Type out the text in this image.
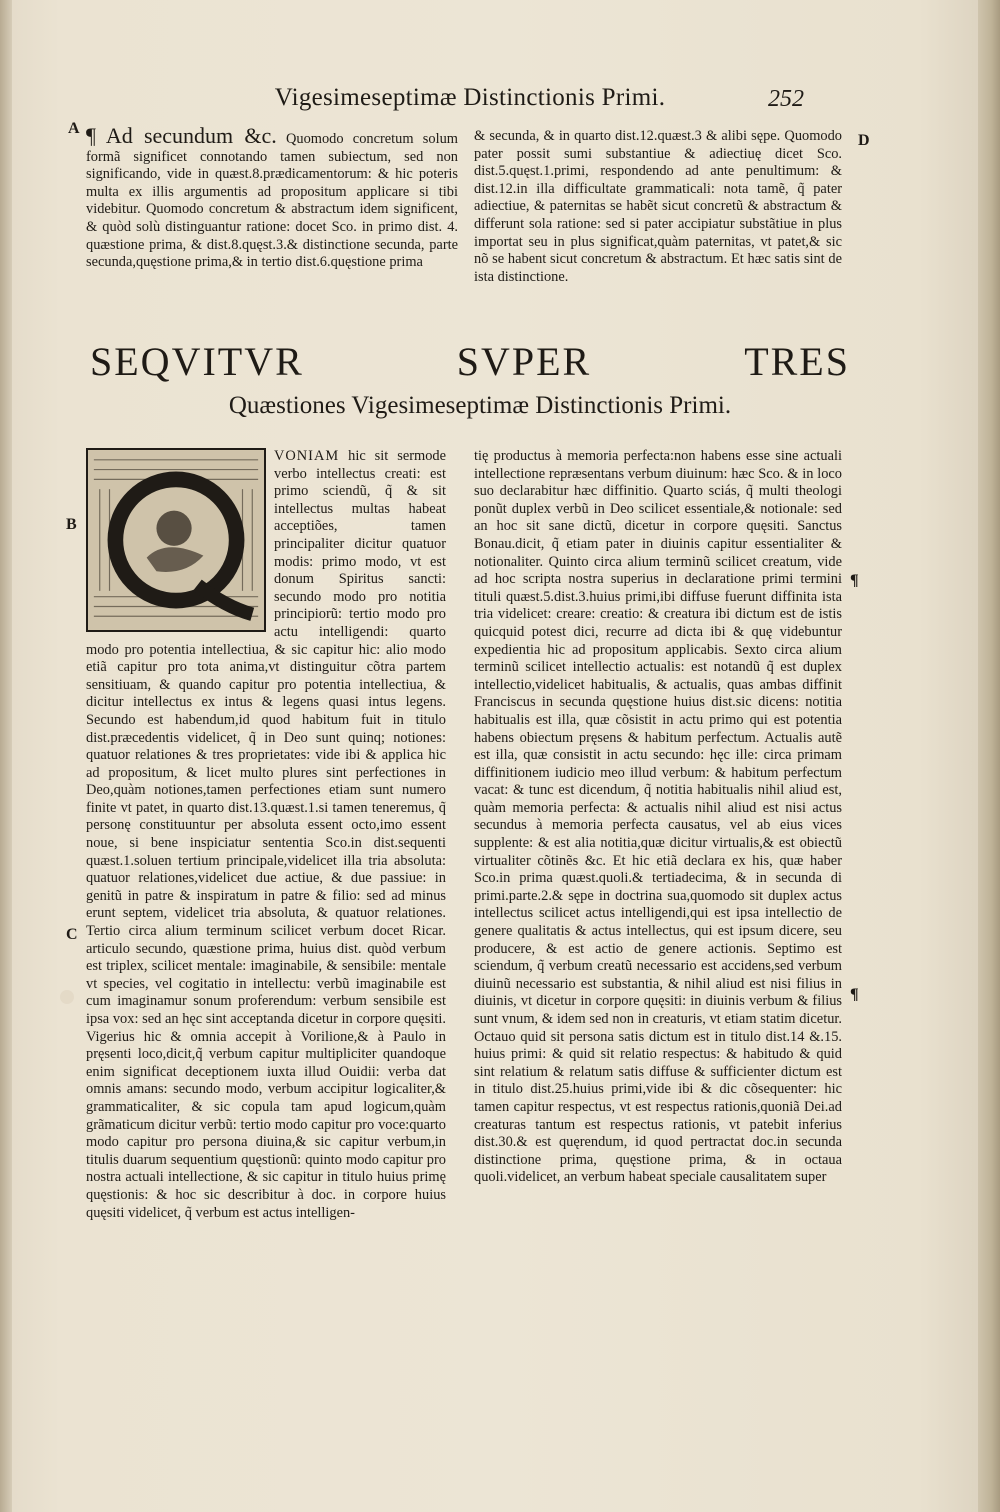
Vigesimeseptimæ Distinctionis Primi.	252
A
D
B
C
¶
¶
¶ Ad secundum &c. Quomodo concretum solum formã significet connotando tamen subiectum, sed non significando, vide in quæst.8.prædicamentorum: & hic poteris multa ex illis argumentis ad propositum applicare si tibi videbitur. Quomodo concretum & abstractum idem significent, & quòd solù distinguantur ratione: docet Sco. in primo dist. 4. quæstione prima, & dist.8.quęst.3.& distinctione secunda, parte secunda,quęstione prima,& in tertio dist.6.quęstione prima

& secunda, & in quarto dist.12.quæst.3 & alibi sępe. Quomodo pater possit sumi substantiue & adiectiuę dicet Sco. dist.5.quęst.1.primi, respondendo ad ante penultimum: & dist.12.in illa difficultate grammaticali: nota tamẽ, q̃ pater adiectiue, & paternitas se habẽt sicut concretũ & abstractum & differunt sola ratione: sed si pater accipiatur substãtiue in plus importat seu in plus significat,quàm paternitas, vt patet,& sic nõ se habent sicut concretum & abstractum. Et hæc satis sint de ista distinctione.

SEQVITVR	SVPER	TRES
Quæstiones Vigesimeseptimæ Distinctionis Primi.

VONIAM hic sit sermode verbo intellectus creati: est primo sciendũ, q̃ & sit intellectus multas habeat acceptiões, tamen principaliter dicitur quatuor modis: primo modo, vt est donum Spiritus sancti: secundo modo pro notitia principiorũ: tertio modo pro actu intelligendi: quarto modo pro potentia intellectiua, & sic capitur hic: alio modo etiã capitur pro tota anima,vt distinguitur cõtra partem sensitiuam, & quando capitur pro potentia intellectiua, & dicitur intellectus ex intus & legens quasi intus legens. Secundo est habendum,id quod habitum fuit in titulo dist.præcedentis videlicet, q̃ in Deo sunt quinq; notiones: quatuor relationes & tres proprietates: vide ibi & applica hic ad propositum, & licet multo plures sint perfectiones in Deo,quàm notiones,tamen perfectiones etiam sunt numero finite vt patet, in quarto dist.13.quæst.1.si tamen teneremus, q̃ personę constituuntur per absoluta essent octo,imo essent noue, si bene inspiciatur sententia Sco.in dist.sequenti quæst.1.soluen tertium principale,videlicet illa tria absoluta: quatuor relationes,videlicet due actiue, & due passiue: in genitũ in patre & inspiratum in patre & filio: sed ad minus erunt septem, videlicet tria absoluta, & quatuor relationes. Tertio circa alium terminum scilicet verbum docet Ricar. articulo secundo, quæstione prima, huius dist. quòd verbum est triplex, scilicet mentale: imaginabile, & sensibile: mentale vt species, vel cogitatio in intellectu: verbũ imaginabile est cum imaginamur sonum proferendum: verbum sensibile est ipsa vox: sed an hęc sint acceptanda dicetur in corpore quęsiti. Vigerius hic & omnia accepit à Vorilione,& à Paulo in pręsenti loco,dicit,q̃ verbum capitur multipliciter quandoque enim significat deceptionem iuxta illud Ouidii: verba dat omnis amans: secundo modo, verbum accipitur logicaliter,& grammaticaliter, & sic copula tam apud logicum,quàm grãmaticum dicitur verbũ: tertio modo capitur pro voce:quarto modo capitur pro persona diuina,& sic capitur verbum,in titulis duarum sequentium quęstionũ: quinto modo capitur pro nostra actuali intellectione, & sic capitur in titulo huius primę quęstionis: & hoc sic describitur à doc. in corpore huius quęsiti videlicet, q̃ verbum est actus intelligen-

tię productus à memoria perfecta:non habens esse sine actuali intellectione repræsentans verbum diuinum: hæc Sco. & in loco suo declarabitur hæc diffinitio. Quarto sciás, q̃ multi theologi ponũt duplex verbũ in Deo scilicet essentiale,& notionale: sed an hoc sit sane dictũ, dicetur in corpore quęsiti. Sanctus Bonau.dicit, q̃ etiam pater in diuinis capitur essentialiter & notionaliter. Quinto circa alium terminũ scilicet creatum, vide ad hoc scripta nostra superius in declaratione primi termini tituli quæst.5.dist.3.huius primi,ibi diffuse fuerunt diffinita ista tria videlicet: creare: creatio: & creatura ibi dictum est de istis quicquid potest dici, recurre ad dicta ibi & quę videbuntur expedientia hic ad propositum applicabis. Sexto circa alium terminũ scilicet intellectio actualis: est notandũ q̃ est duplex intellectio,videlicet habitualis, & actualis, quas ambas diffinit Franciscus in secunda quęstione huius dist.sic dicens: notitia habitualis est illa, quæ cõsistit in actu primo qui est potentia habens obiectum pręsens & habitum perfectum. Actualis autẽ est illa, quæ consistit in actu secundo: hęc ille: circa primam diffinitionem iudicio meo illud verbum: & habitum perfectum vacat: & tunc est dicendum, q̃ notitia habitualis nihil aliud est, quàm memoria perfecta: & actualis nihil aliud est nisi actus secundus à memoria perfecta causatus, vel ab eius vices supplente: & est alia notitia,quæ dicitur virtualis,& est obiectũ virtualiter cõtinẽs &c. Et hic etiã declara ex his, quæ haber Sco.in prima quæst.quoli.& tertiadecima, & in secunda di primi.parte.2.& sępe in doctrina sua,quomodo sit duplex actus intellectus scilicet actus intelligendi,qui est ipsa intellectio de genere qualitatis & actus intellectus, qui est ipsum dicere, seu producere, & est actio de genere actionis. Septimo est sciendum, q̃ verbum creatũ necessario est accidens,sed verbum diuinũ necessario est substantia, & nihil aliud est nisi filius in diuinis, vt dicetur in corpore quęsiti: in diuinis verbum & filius sunt vnum, & idem sed non in creaturis, vt etiam statim dicetur. Octauo quid sit persona satis dictum est in titulo dist.14 &.15. huius primi: & quid sit relatio respectus: & habitudo & quid sint relatium & relatum satis diffuse & sufficienter dictum est in titulo dist.25.huius primi,vide ibi & dic cõsequenter: hic tamen capitur respectus, vt est respectus rationis,quoniã Dei.ad creaturas tantum est respectus rationis, vt patebit inferius dist.30.& est quęrendum, id quod pertractat doc.in secunda distinctione prima, quęstione prima, & in octaua quoli.videlicet, an verbum habeat speciale causalitatem super
